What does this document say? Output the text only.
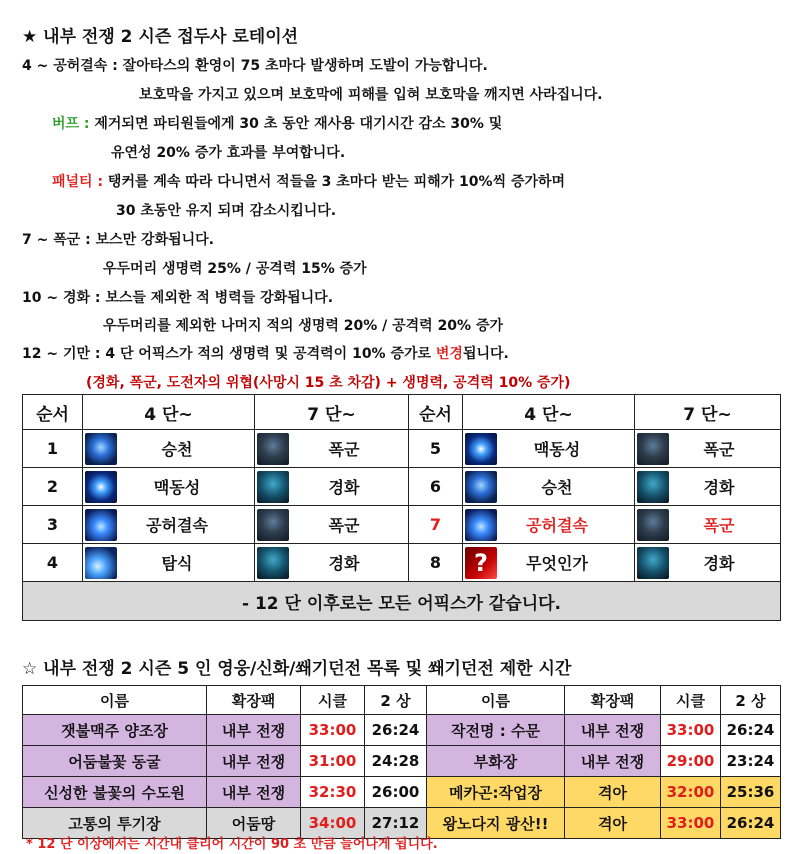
★ 내부 전쟁 2 시즌 접두사 로테이션
4 ~ 공허결속 : 잘아타스의 환영이 75 초마다 발생하며 도발이 가능합니다.
보호막을 가지고 있으며 보호막에 피해를 입혀 보호막을 깨지면 사라집니다.
버프 : 제거되면 파티원들에게 30 초 동안 재사용 대기시간 감소 30% 및
유연성 20% 증가 효과를 부여합니다.
패널티 : 탱커를 계속 따라 다니면서 적들을 3 초마다 받는 피해가 10%씩 증가하며
30 초동안 유지 되며 감소시킵니다.
7 ~ 폭군 : 보스만 강화됩니다.
우두머리 생명력 25% / 공격력 15% 증가
10 ~ 경화 : 보스들 제외한 적 병력들 강화됩니다.
우두머리를 제외한 나머지 적의 생명력 20% / 공격력 20% 증가
12 ~ 기만 : 4 단 어픽스가 적의 생명력 및 공격력이 10% 증가로 변경됩니다.
(경화, 폭군, 도전자의 위협(사망시 15 초 차감) + 생명력, 공격력 10% 증가)
순서	4 단~	7 단~	순서	4 단~	7 단~
1	승천	폭군	5	맥동성	폭군
2	맥동성	경화	6	승천	경화
3	공허결속	폭군	7	공허결속	폭군
4	탐식	경화	8	? 무엇인가	경화
- 12 단 이후로는 모든 어픽스가 같습니다.					
☆ 내부 전쟁 2 시즌 5 인 영웅/신화/쐐기던전 목록 및 쐐기던전 제한 시간
이름	확장팩	시클	2 상	이름	확장팩	시클	2 상
잿불맥주 양조장	내부 전쟁	33:00	26:24	작전명 : 수문	내부 전쟁	33:00	26:24
어둠불꽃 동굴	내부 전쟁	31:00	24:28	부화장	내부 전쟁	29:00	23:24
신성한 불꽃의 수도원	내부 전쟁	32:30	26:00	메카곤:작업장	격아	32:00	25:36
고통의 투기장	어둠땅	34:00	27:12	왕노다지 광산!!	격아	33:00	26:24
* 12 단 이상에서는 시간내 클리어 시간이 90 초 만큼 늘어나게 됩니다.
